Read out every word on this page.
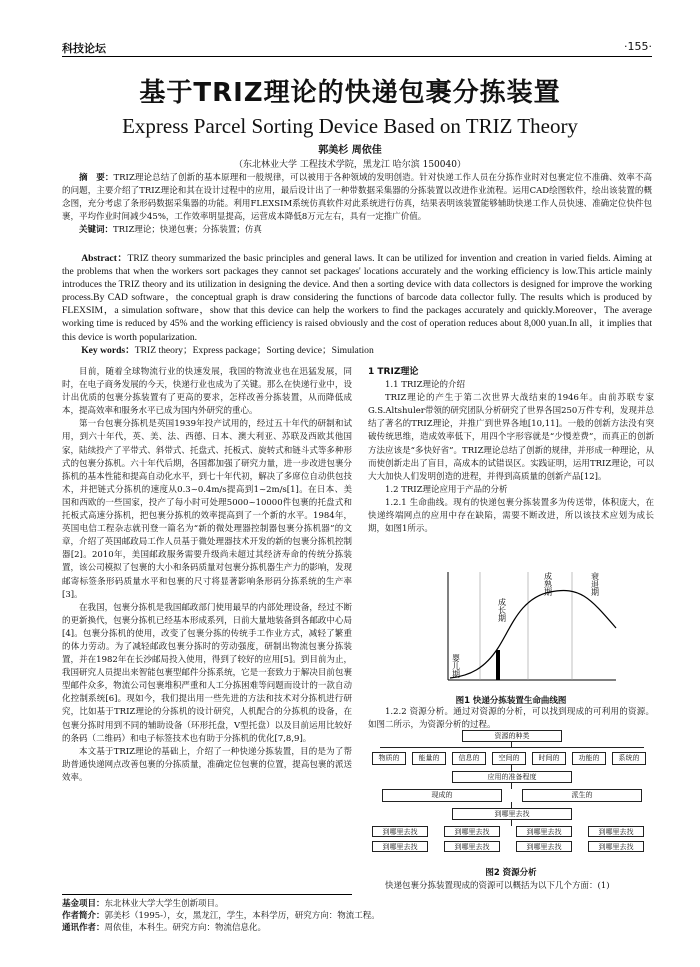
科技论坛	·155·
基于TRIZ理论的快递包裹分拣装置
Express Parcel Sorting Device Based on TRIZ Theory
郭美杉 周依佳
（东北林业大学 工程技术学院，黑龙江 哈尔滨 150040）

摘　要：TRIZ理论总结了创新的基本原理和一般规律，可以被用于各种领域的发明创造。针对快递工作人员在分拣作业时对包裹定位不准确、效率不高的问题，主要介绍了TRIZ理论和其在设计过程中的应用，最后设计出了一种带数据采集器的分拣装置以改进作业流程。运用CAD绘图软件，绘出该装置的概念图，充分考虑了条形码数据采集器的功能。利用FLEXSIM系统仿真软件对此系统进行仿真，结果表明该装置能够辅助快递工作人员快速、准确定位快件包裹，平均作业时间减少45%，工作效率明显提高，运营成本降低8万元左右，具有一定推广价值。

关键词：TRIZ理论；快递包裹；分拣装置；仿真

Abstract：TRIZ theory summarized the basic principles and general laws. It can be utilized for invention and creation in varied fields. Aiming at the problems that when the workers sort packages they cannot set packages' locations accurately and the working efficiency is low.This article mainly introduces the TRIZ theory and its utilization in designing the device. And then a sorting device with data collectors is designed for improve the working process.By CAD software，the conceptual graph is draw considering the functions of barcode data collector fully. The results which is produced by FLEXSIM，a simulation software，show that this device can help the workers to find the packages accurately and quickly.Moreover，The average working time is reduced by 45% and the working efficiency is raised obviously and the cost of operation reduces about 8,000 yuan.In all，it implies that this device is worth popularization.

Key words：TRIZ theory；Express package；Sorting device；Simulation

目前，随着全球物流行业的快速发展，我国的物流业也在迅猛发展，同时，在电子商务发展的今天，快递行业也成为了关键。那么在快递行业中，设计出优质的包裹分拣装置有了更高的要求，怎样改善分拣装置，从而降低成本，提高效率和服务水平已成为国内外研究的重心。

第一台包裹分拣机是英国1939年投产试用的，经过五十年代的研制和试用，到六十年代，英、美、法、西德、日本、澳大利亚、苏联及西欧其他国家，陆续投产了平带式、斜带式、托盘式、托板式、旋转式和链斗式等多种形式的包裹分拣机。六十年代后期，各国都加强了研究力量，进一步改进包裹分拣机的基本性能和提高自动化水平，到七十年代初，解决了多席位自动供包技术，并把链式分拣机的速度从0.3~0.4m/s提高到1~2m/s[1]。在日本、美国和西欧的一些国家，投产了每小时可处理5000~10000件包裹的托盘式和托板式高速分拣机，把包裹分拣机的效率提高到了一个新的水平。1984年，英国电信工程杂志就刊登一篇名为“新的微处理器控制器包裹分拣机器”的文章，介绍了英国邮政局工作人员基于微处理器技术开发的新的包裹分拣机控制器[2]。2010年，美国邮政服务需要升级尚未超过其经济寿命的传统分拣装置，该公司模拟了包裹的大小和条码质量对包裹分拣机器生产力的影响，发现邮寄标签条形码质量水平和包裹的尺寸将显著影响条形码分拣系统的生产率[3]。

在我国，包裹分拣机是我国邮政部门使用最早的内部处理设备，经过不断的更新换代，包裹分拣机已经基本形成系列，日前大量地装备到各邮政中心局[4]。包裹分拣机的使用，改变了包裹分拣的传统手工作业方式，减轻了繁重的体力劳动。为了减轻邮政包裹分拣时的劳动强度，研制出物流包裹分拣装置，并在1982年在长沙邮局投入使用，得到了较好的应用[5]。到目前为止，我国研究人员提出来智能包裹型邮件分拣系统，它是一套致力于解决目前包裹型邮件众多，物流公司包裹堆积严重和人工分拣困难等问题而设计的一款自动化控制系统[6]。现如今，我们提出用一些先进的方法和技术对分拣机进行研究，比如基于TRIZ理论的分拣机的设计研究，人机配合的分拣机的设备，在包裹分拣时用到不同的辅助设备（环形托盘，V型托盘）以及目前运用比较好的条码（二维码）和电子标签技术也有助于分拣机的优化[7,8,9]。

本文基于TRIZ理论的基础上，介绍了一种快递分拣装置，目的是为了帮助普通快递网点改善包裹的分拣质量，准确定位包裹的位置，提高包裹的派送效率。

1 TRIZ理论

1.1 TRIZ理论的介绍

TRIZ理论的产生于第二次世界大战结束的1946年。由前苏联专家G.S.Altshuler带领的研究团队分析研究了世界各国250万件专利，发现并总结了著名的TRIZ理论，并推广到世界各地[10,11]。一般的创新方法没有突破传统思维，造成效率低下，用四个字形容就是“少慢差费”，而真正的创新方法应该是“多快好省”。TRIZ理论总结了创新的规律，并形成一种理论，从而使创新走出了盲目，高成本的试错误区。实践证明，运用TRIZ理论，可以大大加快人们发明创造的进程，并得到高质量的创新产品[12]。

1.2 TRIZ理论应用于产品的分析

1.2.1 生命曲线。现有的快递包裹分拣装置多为传送带，体积庞大，在快递终端网点的应用中存在缺陷，需要不断改进，所以该技术应划为成长期，如图1所示。

婴儿期
成长期
成熟期	衰退期
图1 快递分拣装置生命曲线图

1.2.2 资源分析。通过对资源的分析，可以找到现成的可利用的资源。如图二所示，为资源分析的过程。

资源的种类
物质的	能量的	信息的	空间的	时间的	功能的	系统的
应用的准备程度
现成的	派生的
到哪里去找
到哪里去找	到哪里去找	到哪里去找	到哪里去找
到哪里去找	到哪里去找	到哪里去找	到哪里去找
图2 资源分析

快递包裹分拣装置现成的资源可以概括为以下几个方面：(1)

基金项目：东北林业大学大学生创新项目。
作者简介：郭美杉（1995-），女，黑龙江，学生，本科学历，研究方向：物流工程。
通讯作者：周依佳，本科生。研究方向：物流信息化。
